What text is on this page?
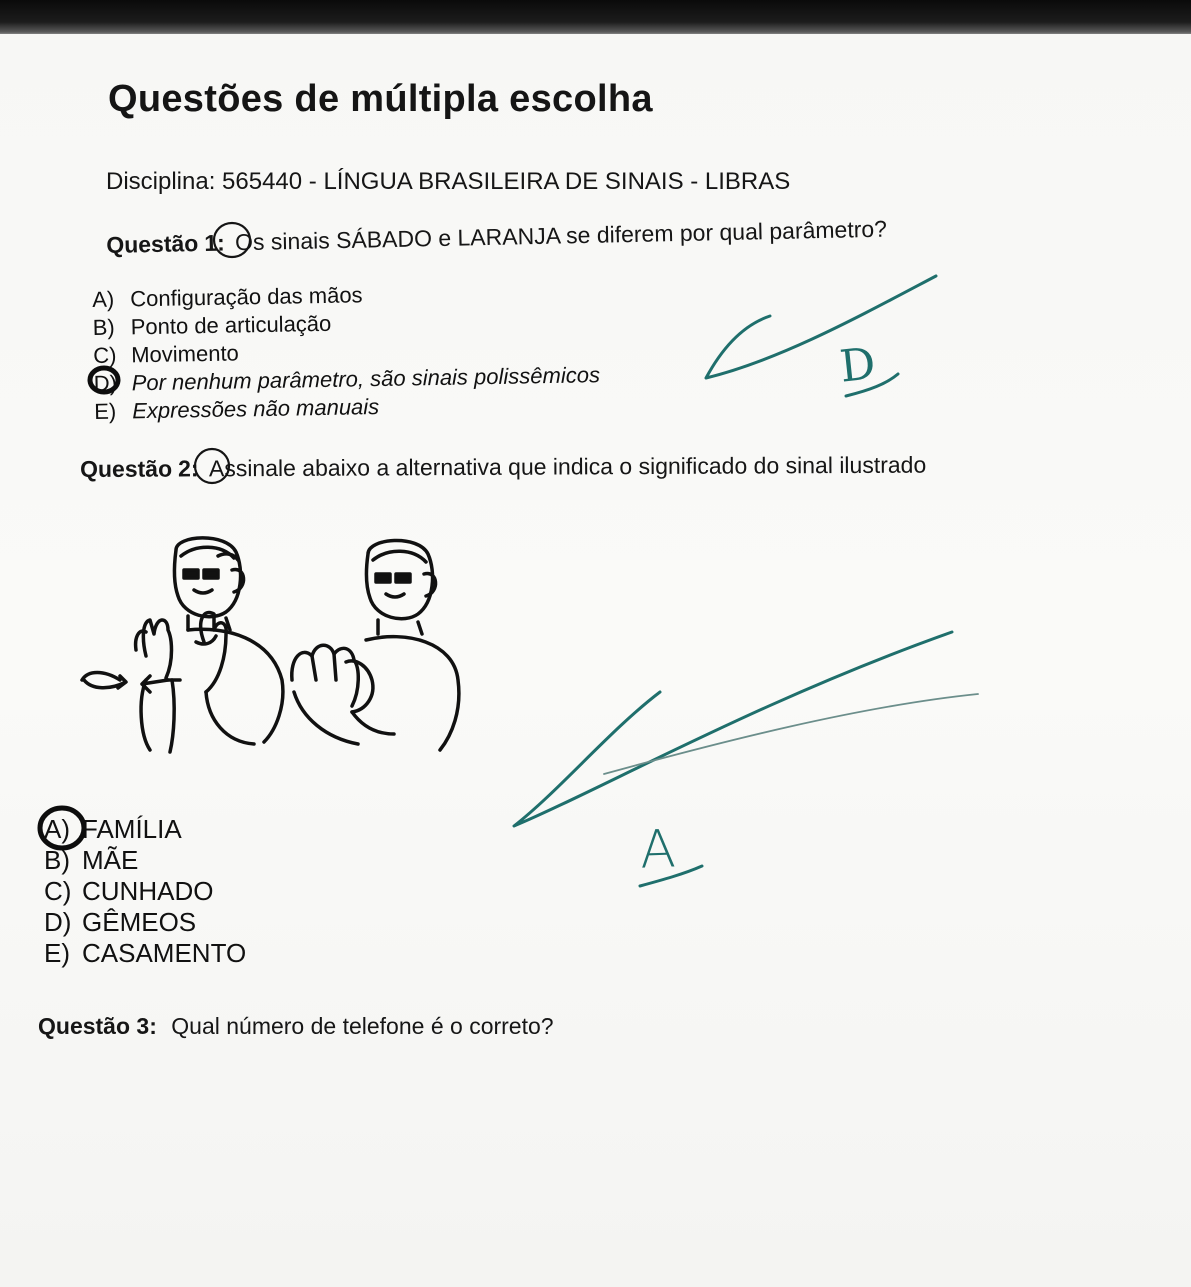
Questões de múltipla escolha
Disciplina: 565440 - LÍNGUA BRASILEIRA DE SINAIS - LIBRAS
Questão 1: Os sinais SÁBADO e LARANJA se diferem por qual parâmetro?
A) Configuração das mãos
B) Ponto de articulação
C) Movimento
D) Por nenhum parâmetro, são sinais polissêmicos
E) Expressões não manuais
Questão 2: Assinale abaixo a alternativa que indica o significado do sinal ilustrado
A) FAMÍLIA
B) MÃE
C) CUNHADO
D) GÊMEOS
E) CASAMENTO
Questão 3: Qual número de telefone é o correto?
D
A
